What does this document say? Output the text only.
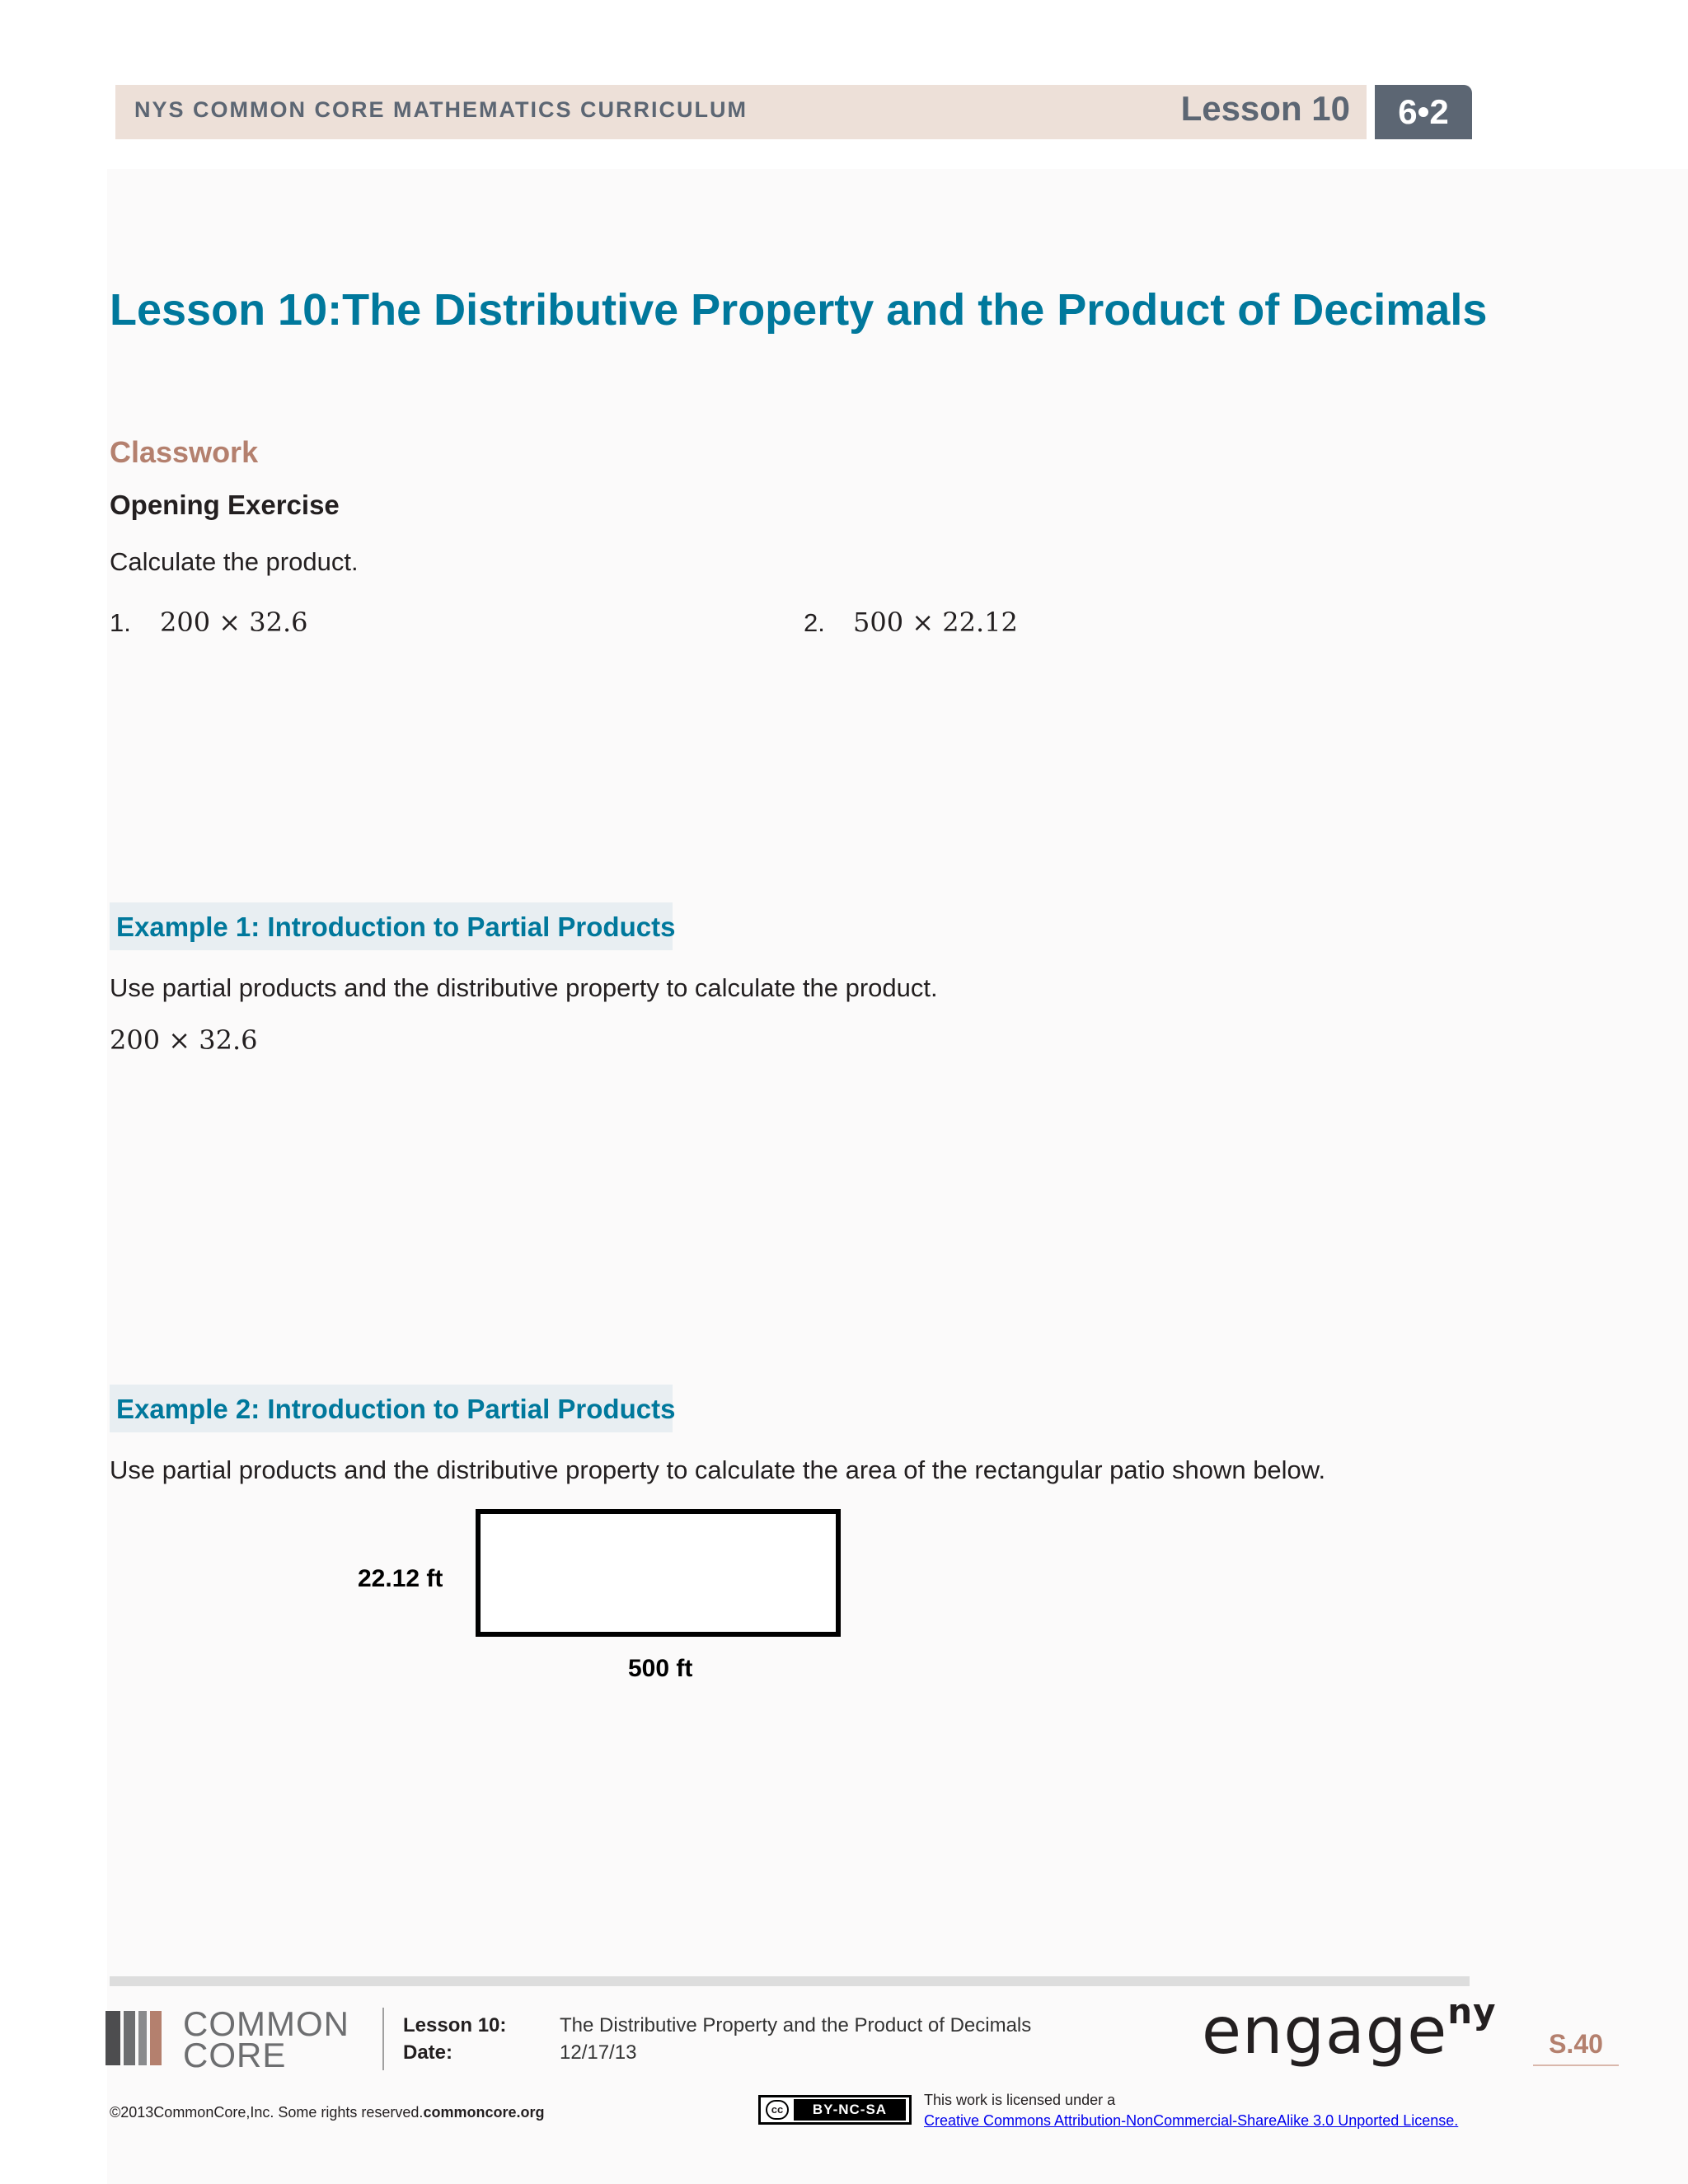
NYS COMMON CORE MATHEMATICS CURRICULUM	Lesson 10	6•2
Lesson 10:The Distributive Property and the Product of Decimals
Classwork
Opening Exercise
Calculate the product.
1. 200 × 32.6	2. 500 × 22.12
Example 1: Introduction to Partial Products
Use partial products and the distributive property to calculate the product.
200 × 32.6
Example 2: Introduction to Partial Products
Use partial products and the distributive property to calculate the area of the rectangular patio shown below.
22.12 ft
500 ft
COMMON
CORE
Lesson 10:	The Distributive Property and the Product of Decimals
Date:	12/17/13	engage$^{ny}$
S.40
©2013CommonCore,Inc. Some rights reserved.commoncore.org	cc	BY-NC-SA
This work is licensed under a
Creative Commons Attribution-NonCommercial-ShareAlike 3.0 Unported License.
